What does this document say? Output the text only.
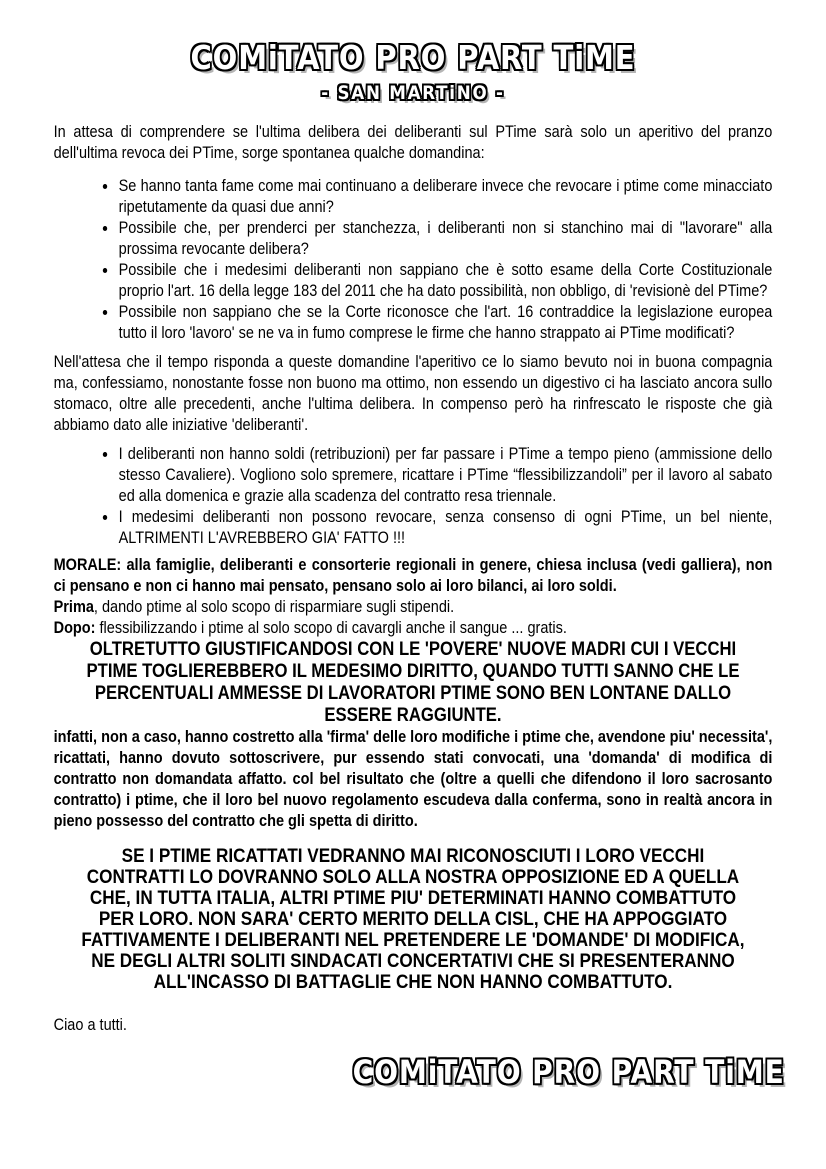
COMiTATO PRO PART TiME
- SAN MARTiNO -

In attesa di comprendere se l'ultima delibera dei deliberanti sul PTime sarà solo un aperitivo del pranzo dell'ultima revoca dei PTime, sorge spontanea qualche domandina:

• Se hanno tanta fame come mai continuano a deliberare invece che revocare i ptime come minacciato ripetutamente da quasi due anni?
• Possibile che, per prenderci per stanchezza, i deliberanti non si stanchino mai di "lavorare" alla prossima revocante delibera?
• Possibile che i medesimi deliberanti non sappiano che è sotto esame della Corte Costituzionale proprio l'art. 16 della legge 183 del 2011 che ha dato possibilità, non obbligo, di 'revisionè del PTime?
• Possibile non sappiano che se la Corte riconosce che l'art. 16 contraddice la legislazione europea tutto il loro 'lavoro' se ne va in fumo comprese le firme che hanno strappato ai PTime modificati?

Nell'attesa che il tempo risponda a queste domandine l'aperitivo ce lo siamo bevuto noi in buona compagnia ma, confessiamo, nonostante fosse non buono ma ottimo, non essendo un digestivo ci ha lasciato ancora sullo stomaco, oltre alle precedenti, anche l'ultima delibera. In compenso però ha rinfrescato le risposte che già abbiamo dato alle iniziative 'deliberanti'.

• I deliberanti non hanno soldi (retribuzioni) per far passare i PTime a tempo pieno (ammissione dello stesso Cavaliere). Vogliono solo spremere, ricattare i PTime “flessibilizzandoli” per il lavoro al sabato ed alla domenica e grazie alla scadenza del contratto resa triennale.
• I medesimi deliberanti non possono revocare, senza consenso di ogni PTime, un bel niente, ALTRIMENTI L'AVREBBERO GIA' FATTO !!!

MORALE: alla famiglie, deliberanti e consorterie regionali in genere, chiesa inclusa (vedi galliera), non ci pensano e non ci hanno mai pensato, pensano solo ai loro bilanci, ai loro soldi.

Prima, dando ptime al solo scopo di risparmiare sugli stipendi.

Dopo: flessibilizzando i ptime al solo scopo di cavargli anche il sangue ... gratis.

OLTRETUTTO GIUSTIFICANDOSI CON LE 'POVERE' NUOVE MADRI CUI I VECCHI
PTIME TOGLIEREBBERO IL MEDESIMO DIRITTO, QUANDO TUTTI SANNO CHE LE
PERCENTUALI AMMESSE DI LAVORATORI PTIME SONO BEN LONTANE DALLO
ESSERE RAGGIUNTE.

infatti, non a caso, hanno costretto alla 'firma' delle loro modifiche i ptime che, avendone piu' necessita', ricattati, hanno dovuto sottoscrivere, pur essendo stati convocati, una 'domanda' di modifica di contratto non domandata affatto. col bel risultato che (oltre a quelli che difendono il loro sacrosanto contratto) i ptime, che il loro bel nuovo regolamento escudeva dalla conferma, sono in realtà ancora in pieno possesso del contratto che gli spetta di diritto.

SE I PTIME RICATTATI VEDRANNO MAI RICONOSCIUTI I LORO VECCHI
CONTRATTI LO DOVRANNO SOLO ALLA NOSTRA OPPOSIZIONE ED A QUELLA
CHE, IN TUTTA ITALIA, ALTRI PTIME PIU' DETERMINATI HANNO COMBATTUTO
PER LORO. NON SARA' CERTO MERITO DELLA CISL, CHE HA APPOGGIATO
FATTIVAMENTE I DELIBERANTI NEL PRETENDERE LE 'DOMANDE' DI MODIFICA,
NE DEGLI ALTRI SOLITI SINDACATI CONCERTATIVI CHE SI PRESENTERANNO
ALL'INCASSO DI BATTAGLIE CHE NON HANNO COMBATTUTO.

Ciao a tutti.

COMiTATO PRO PART TiME
